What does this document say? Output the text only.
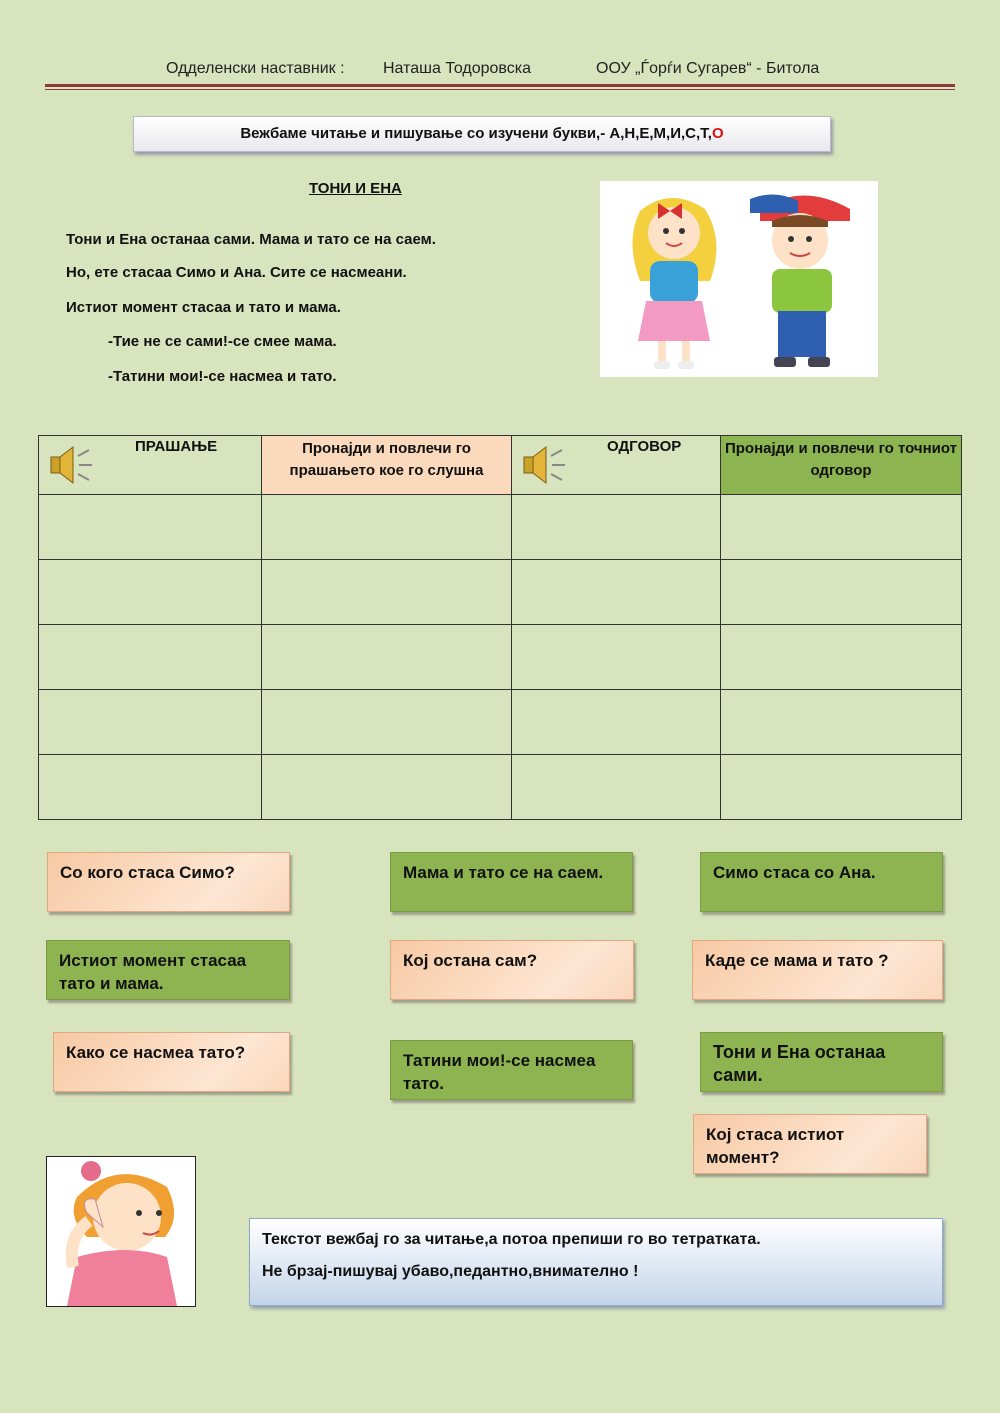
Одделенски наставник : Наташа Тодоровска	ООУ „Ѓорѓи Сугарев“ - Битола
Вежбаме читање и пишување со изучени букви,- А,Н,Е,М,И,С,Т,О
ТОНИ И ЕНА
Тони и Ена останаа сами. Мама и тато се на саем.
Но, ете стасаа Симо и Ана. Сите се насмеани.
Истиот момент стасаа и тато и мама.
-Тие не се сами!-се смее мама.
-Татини мои!-се насмеа и тато.
ПРАШАЊЕ	Пронајди и повлечи го прашањето кое го слушна	ОДГОВОР	Пронајди и повлечи го точниот одговор

Со кого стаса Симо?	Мама и тато се на саем.	Симо стаса со Ана.
Истиот момент стасаа тато и мама.
Кој остана сам?	Каде се мама и тато ?
Како се насмеа тато?	Татини мои!-се насмеа тато.
Тони и Ена останаа сами.
Кој стаса истиот момент?
Текстот вежбај го за читање,а потоа препиши го во тетратката.
Не брзај-пишувај убаво,педантно,внимателно !
